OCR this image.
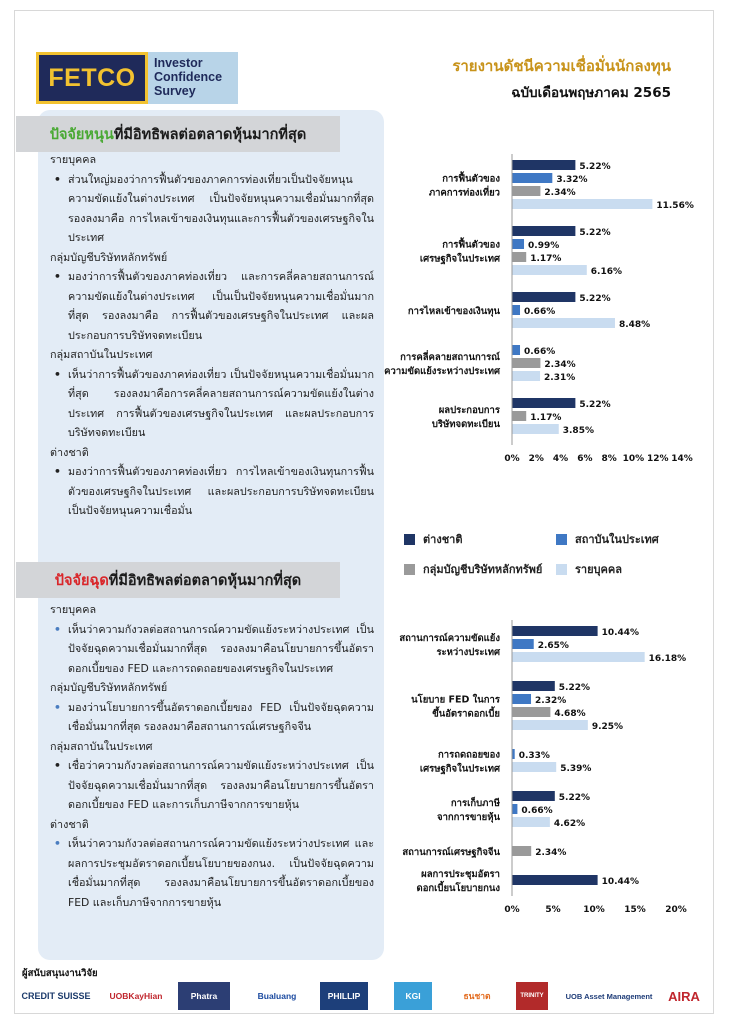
FETCO
Investor
Confidence
Survey
รายงานดัชนีความเชื่อมั่นนักลงทุน
ฉบับเดือนพฤษภาคม 2565
ปัจจัยหนุน ที่มีอิทธิพลต่อตลาดหุ้นมากที่สุด
รายบุคคล
• ส่วนใหญ่มองว่าการฟื้นตัวของภาคการท่องเที่ยวเป็นปัจจัยหนุนความขัดแย้งในต่างประเทศ เป็นปัจจัยหนุนความเชื่อมั่นมากที่สุด รองลงมาคือ การไหลเข้าของเงินทุนและการฟื้นตัวของเศรษฐกิจในประเทศ
กลุ่มบัญชีบริษัทหลักทรัพย์
• มองว่าการฟื้นตัวของภาคท่องเที่ยว และการคลี่คลายสถานการณ์ความขัดแย้งในต่างประเทศ เป็นเป็นปัจจัยหนุนความเชื่อมั่นมากที่สุด รองลงมาคือ การฟื้นตัวของเศรษฐกิจในประเทศ และผลประกอบการบริษัทจดทะเบียน
กลุ่มสถาบันในประเทศ
• เห็นว่าการฟื้นตัวของภาคท่องเที่ยว เป็นปัจจัยหนุนความเชื่อมั่นมากที่สุด รองลงมาคือการคลี่คลายสถานการณ์ความขัดแย้งในต่างประเทศ การฟื้นตัวของเศรษฐกิจในประเทศ และผลประกอบการบริษัทจดทะเบียน
ต่างชาติ
• มองว่าการฟื้นตัวของภาคท่องเที่ยว การไหลเข้าของเงินทุนการฟื้นตัวของเศรษฐกิจในประเทศ และผลประกอบการบริษัทจดทะเบียนเป็นปัจจัยหนุนความเชื่อมั่น
ปัจจัยฉุด ที่มีอิทธิพลต่อตลาดหุ้นมากที่สุด
รายบุคคล
• เห็นว่าความกังวลต่อสถานการณ์ความขัดแย้งระหว่างประเทศ เป็นปัจจัยฉุดความเชื่อมั่นมากที่สุด รองลงมาคือนโยบายการขึ้นอัตราดอกเบี้ยของ FED และการถดถอยของเศรษฐกิจในประเทศ
กลุ่มบัญชีบริษัทหลักทรัพย์
• มองว่านโยบายการขึ้นอัตราดอกเบี้ยของ FED เป็นปัจจัยฉุดความเชื่อมั่นมากที่สุด รองลงมาคือสถานการณ์เศรษฐกิจจีน
กลุ่มสถาบันในประเทศ
• เชื่อว่าความกังวลต่อสถานการณ์ความขัดแย้งระหว่างประเทศ เป็นปัจจัยฉุดความเชื่อมั่นมากที่สุด รองลงมาคือนโยบายการขึ้นอัตราดอกเบี้ยของ FED และการเก็บภาษีจากการขายหุ้น
ต่างชาติ
• เห็นว่าความกังวลต่อสถานการณ์ความขัดแย้งระหว่างประเทศ และผลการประชุมอัตราดอกเบี้ยนโยบายของกนง. เป็นปัจจัยฉุดความเชื่อมั่นมากที่สุด รองลงมาคือนโยบายการขึ้นอัตราดอกเบี้ยของ FED และเก็บภาษีจากการขายหุ้น
5.22%
3.32%
2.34%
11.56%
การฟื้นตัวของ
ภาคการท่องเที่ยว
5.22%
0.99%
1.17%
6.16%
การฟื้นตัวของ
เศรษฐกิจในประเทศ
5.22%
0.66%
8.48%
การไหลเข้าของเงินทุน
0.66%
2.34%
2.31%
การคลี่คลายสถานการณ์
ความขัดแย้งระหว่างประเทศ
5.22%
1.17%
3.85%
ผลประกอบการ
บริษัทจดทะเบียน
0% 2% 4% 6% 8% 10% 12% 14%
ต่างชาติ	สถาบันในประเทศ
กลุ่มบัญชีบริษัทหลักทรัพย์	รายบุคคล
10.44%
2.65%
16.18%
สถานการณ์ความขัดแย้ง
ระหว่างประเทศ
5.22%
2.32%
4.68%
9.25%
นโยบาย FED ในการ
ขึ้นอัตราดอกเบี้ย
0.33%
5.39%
การถดถอยของ
เศรษฐกิจในประเทศ
5.22%
0.66%
4.62%
การเก็บภาษี
จากการขายหุ้น
2.34%
สถานการณ์เศรษฐกิจจีน
10.44%
ผลการประชุมอัตรา
ดอกเบี้ยนโยบายกนง
0%	5%	10% 15% 20%
ผู้สนับสนุนงานวิจัย
CREDIT SUISSE	UOBKayHian	Phatra	Bualuang	PHILLIP	KGI	ธนชาต	TRINITY	UOB Asset Management	AIRA
